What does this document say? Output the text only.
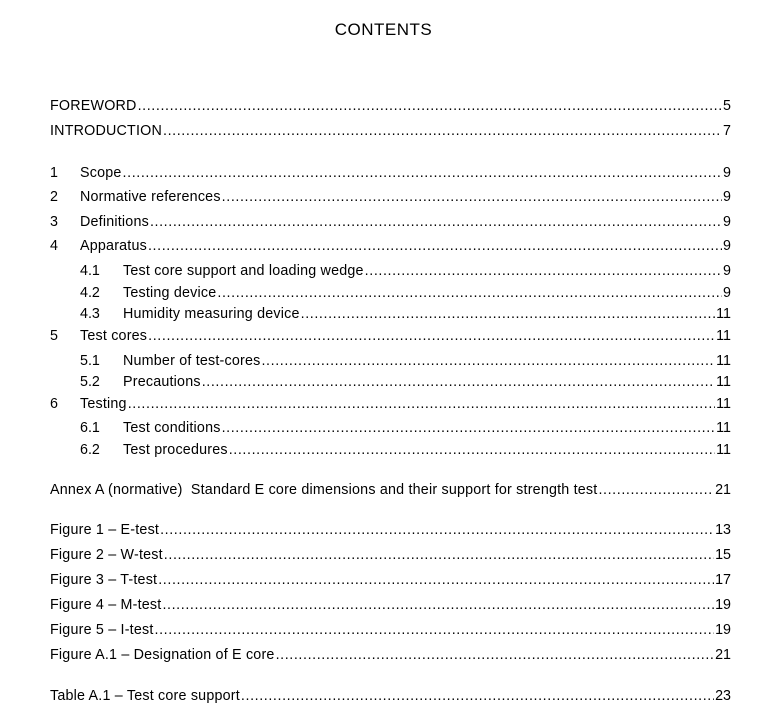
CONTENTS
FOREWORD .....	5
INTRODUCTION .....	7
1	Scope .....	9
2	Normative references .....	9
3	Definitions .....	9
4	Apparatus .....	9
4.1	Test core support and loading wedge .....	9
4.2	Testing device .....	9
4.3	Humidity measuring device .....	11
5	Test cores .....	11
5.1	Number of test-cores .....	11
5.2	Precautions .....	11
6	Testing .....	11
6.1	Test conditions .....	11
6.2	Test procedures .....	11
Annex A (normative)  Standard E core dimensions and their support for strength test .....	21
Figure 1 – E-test .....	13
Figure 2 – W-test .....	15
Figure 3 – T-test .....	17
Figure 4 – M-test .....	19
Figure 5 – I-test .....	19
Figure A.1 – Designation of E core .....	21
Table A.1 – Test core support .....	23
